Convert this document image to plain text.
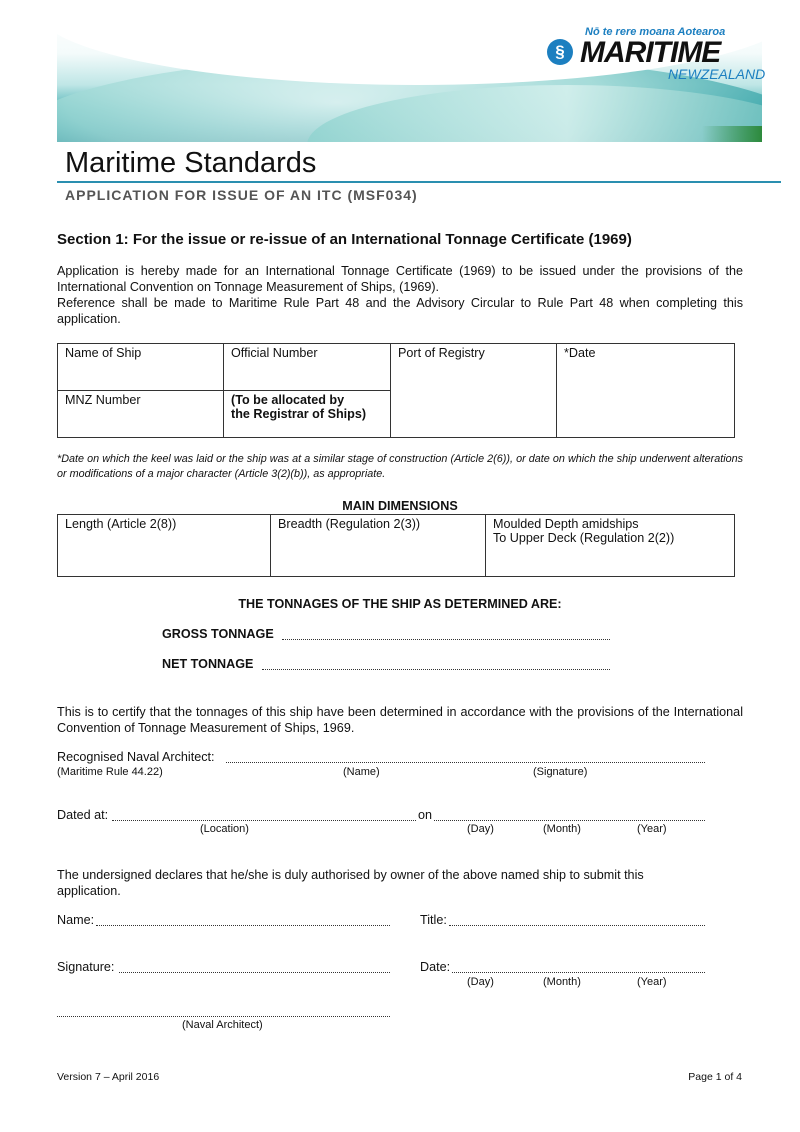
Nō te rere moana Aotearoa
§ MARITIME
NEWZEALAND
Maritime Standards
APPLICATION FOR ISSUE OF AN ITC (MSF034)
Section 1: For the issue or re-issue of an International Tonnage Certificate (1969)
Application is hereby made for an International Tonnage Certificate (1969) to be issued under the provisions of the International Convention on Tonnage Measurement of Ships, (1969).
Reference shall be made to Maritime Rule Part 48 and the Advisory Circular to Rule Part 48 when completing this application.
Name of Ship	Official Number	Port of Registry	*Date
MNZ Number	(To be allocated by
the Registrar of Ships)		
*Date on which the keel was laid or the ship was at a similar stage of construction (Article 2(6)), or date on which the ship underwent alterations or modifications of a major character (Article 3(2)(b)), as appropriate.
MAIN DIMENSIONS
Length (Article 2(8))	Breadth (Regulation 2(3))	Moulded Depth amidships
To Upper Deck (Regulation 2(2))
THE TONNAGES OF THE SHIP AS DETERMINED ARE:
GROSS TONNAGE
NET TONNAGE
This is to certify that the tonnages of this ship have been determined in accordance with the provisions of the International Convention of Tonnage Measurement of Ships, 1969.
Recognised Naval Architect:
(Maritime Rule 44.22)	(Name)	(Signature)
Dated at:	on
(Location)	(Day)	(Month)	(Year)
The undersigned declares that he/she is duly authorised by owner of the above named ship to submit this application.
Name:	Title:
Signature:	Date:
(Day)	(Month)	(Year)
(Naval Architect)
Version 7 – April 2016	Page 1 of 4
